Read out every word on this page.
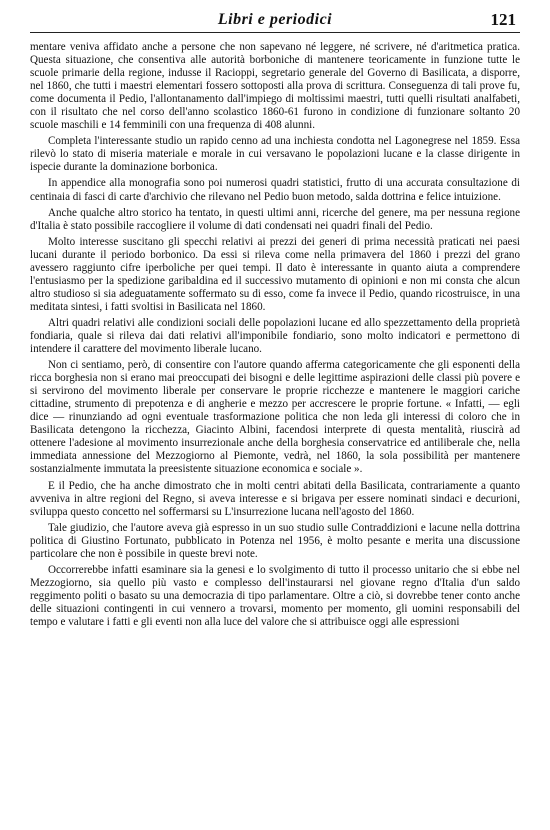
Libri e periodici	121

mentare veniva affidato anche a persone che non sapevano né leggere, né scrivere, né d'aritmetica pratica. Questa situazione, che consentiva alle autorità borboniche di mantenere teoricamente in funzione tutte le scuole primarie della regione, indusse il Racioppi, segretario generale del Governo di Basilicata, a disporre, nel 1860, che tutti i maestri elementari fossero sottoposti alla prova di scrittura. Conseguenza di tali prove fu, come documenta il Pedio, l'allontanamento dall'impiego di moltissimi maestri, tutti quelli risultati analfabeti, con il risultato che nel corso dell'anno scolastico 1860-61 furono in condizione di funzionare soltanto 20 scuole maschili e 14 femminili con una frequenza di 408 alunni.

Completa l'interessante studio un rapido cenno ad una inchiesta condotta nel Lagonegrese nel 1859. Essa rilevò lo stato di miseria materiale e morale in cui versavano le popolazioni lucane e la classe dirigente in ispecie durante la dominazione borbonica.

In appendice alla monografia sono poi numerosi quadri statistici, frutto di una accurata consultazione di centinaia di fasci di carte d'archivio che rilevano nel Pedio buon metodo, salda dottrina e felice intuizione.

Anche qualche altro storico ha tentato, in questi ultimi anni, ricerche del genere, ma per nessuna regione d'Italia è stato possibile raccogliere il volume di dati condensati nei quadri finali del Pedio.

Molto interesse suscitano gli specchi relativi ai prezzi dei generi di prima necessità praticati nei paesi lucani durante il periodo borbonico. Da essi si rileva come nella primavera del 1860 i prezzi del grano avessero raggiunto cifre iperboliche per quei tempi. Il dato è interessante in quanto aiuta a comprendere l'entusiasmo per la spedizione garibaldina ed il successivo mutamento di opinioni e non mi consta che alcun altro studioso si sia adeguatamente soffermato su di esso, come fa invece il Pedio, quando ricostruisce, in una meditata sintesi, i fatti svoltisi in Basilicata nel 1860.

Altri quadri relativi alle condizioni sociali delle popolazioni lucane ed allo spezzettamento della proprietà fondiaria, quale si rileva dai dati relativi all'imponibile fondiario, sono molto indicatori e permettono di intendere il carattere del movimento liberale lucano.

Non ci sentiamo, però, di consentire con l'autore quando afferma categoricamente che gli esponenti della ricca borghesia non si erano mai preoccupati dei bisogni e delle legittime aspirazioni delle classi più povere e si servirono del movimento liberale per conservare le proprie ricchezze e mantenere le maggiori cariche cittadine, strumento di prepotenza e di angherie e mezzo per accrescere le proprie fortune. « Infatti, — egli dice — rinunziando ad ogni eventuale trasformazione politica che non leda gli interessi di coloro che in Basilicata detengono la ricchezza, Giacinto Albini, facendosi interprete di questa mentalità, riuscirà ad ottenere l'adesione al movimento insurrezionale anche della borghesia conservatrice ed antiliberale che, nella immediata annessione del Mezzogiorno al Piemonte, vedrà, nel 1860, la sola possibilità per mantenere sostanzialmente immutata la preesistente situazione economica e sociale ».

E il Pedio, che ha anche dimostrato che in molti centri abitati della Basilicata, contrariamente a quanto avveniva in altre regioni del Regno, si aveva interesse e si brigava per essere nominati sindaci e decurioni, sviluppa questo concetto nel soffermarsi su L'insurrezione lucana nell'agosto del 1860.

Tale giudizio, che l'autore aveva già espresso in un suo studio sulle Contraddizioni e lacune nella dottrina politica di Giustino Fortunato, pubblicato in Potenza nel 1956, è molto pesante e merita una discussione particolare che non è possibile in queste brevi note.

Occorrerebbe infatti esaminare sia la genesi e lo svolgimento di tutto il processo unitario che si ebbe nel Mezzogiorno, sia quello più vasto e complesso dell'instaurarsi nel giovane regno d'Italia d'un saldo reggimento politi o basato su una democrazia di tipo parlamentare. Oltre a ciò, si dovrebbe tener conto anche delle situazioni contingenti in cui vennero a trovarsi, momento per momento, gli uomini responsabili del tempo e valutare i fatti e gli eventi non alla luce del valore che si attribuisce oggi alle espressioni
